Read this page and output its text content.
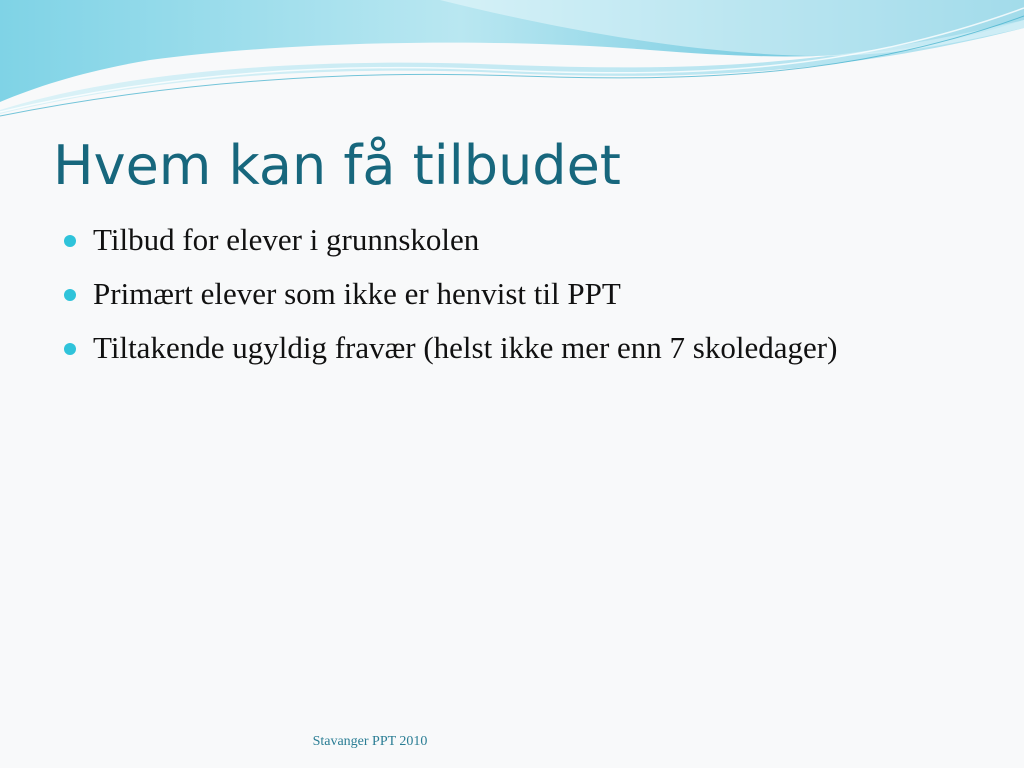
Hvem kan få tilbudet
Tilbud for elever i grunnskolen
Primært elever som ikke er henvist til PPT
Tiltakende ugyldig fravær (helst ikke mer enn 7 skoledager)
Stavanger PPT 2010
